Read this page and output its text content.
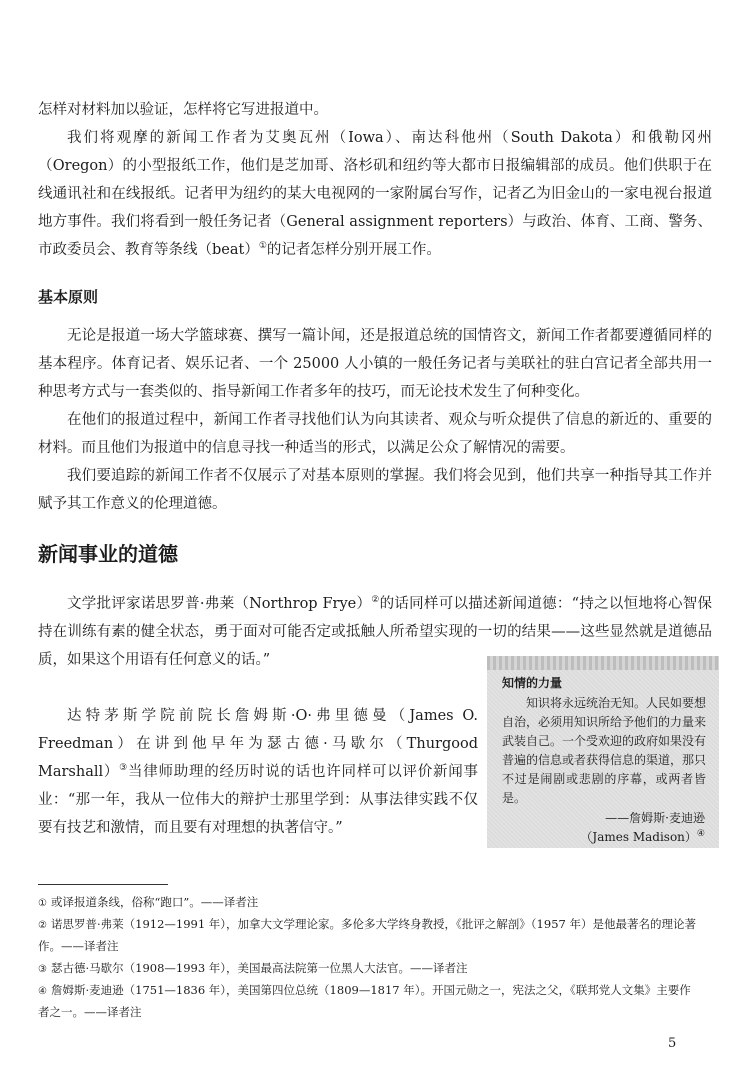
怎样对材料加以验证，怎样将它写进报道中。

我们将观摩的新闻工作者为艾奥瓦州（Iowa）、南达科他州（South Dakota）和俄勒冈州（Oregon）的小型报纸工作，他们是芝加哥、洛杉矶和纽约等大都市日报编辑部的成员。他们供职于在线通讯社和在线报纸。记者甲为纽约的某大电视网的一家附属台写作，记者乙为旧金山的一家电视台报道地方事件。我们将看到一般任务记者（General assignment reporters）与政治、体育、工商、警务、市政委员会、教育等条线（beat）①的记者怎样分别开展工作。

基本原则

无论是报道一场大学篮球赛、撰写一篇讣闻，还是报道总统的国情咨文，新闻工作者都要遵循同样的基本程序。体育记者、娱乐记者、一个 25000 人小镇的一般任务记者与美联社的驻白宫记者全部共用一种思考方式与一套类似的、指导新闻工作者多年的技巧，而无论技术发生了何种变化。

在他们的报道过程中，新闻工作者寻找他们认为向其读者、观众与听众提供了信息的新近的、重要的材料。而且他们为报道中的信息寻找一种适当的形式，以满足公众了解情况的需要。

我们要追踪的新闻工作者不仅展示了对基本原则的掌握。我们将会见到，他们共享一种指导其工作并赋予其工作意义的伦理道德。

新闻事业的道德

文学批评家诺思罗普·弗莱（Northrop Frye）②的话同样可以描述新闻道德：“持之以恒地将心智保持在训练有素的健全状态，勇于面对可能否定或抵触人所希望实现的一切的结果——这些显然就是道德品质，如果这个用语有任何意义的话。”

达特茅斯学院前院长詹姆斯·O·弗里德曼（James O. Freedman）在讲到他早年为瑟古德·马歇尔（Thurgood Marshall）③当律师助理的经历时说的话也许同样可以评价新闻事业：“那一年，我从一位伟大的辩护士那里学到：从事法律实践不仅要有技艺和激情，而且要有对理想的执著信守。”

知情的力量
知识将永远统治无知。人民如要想自治，必须用知识所给予他们的力量来武装自己。一个受欢迎的政府如果没有普遍的信息或者获得信息的渠道，那只不过是闹剧或悲剧的序幕，或两者皆是。
——詹姆斯·麦迪逊
（James Madison）④

① 或译报道条线，俗称“跑口”。——译者注

② 诺思罗普·弗莱（1912—1991 年），加拿大文学理论家。多伦多大学终身教授，《批评之解剖》（1957 年）是他最著名的理论著作。——译者注

③ 瑟古德·马歇尔（1908—1993 年），美国最高法院第一位黑人大法官。——译者注

④ 詹姆斯·麦迪逊（1751—1836 年），美国第四位总统（1809—1817 年）。开国元勋之一，宪法之父，《联邦党人文集》主要作者之一。——译者注

5
